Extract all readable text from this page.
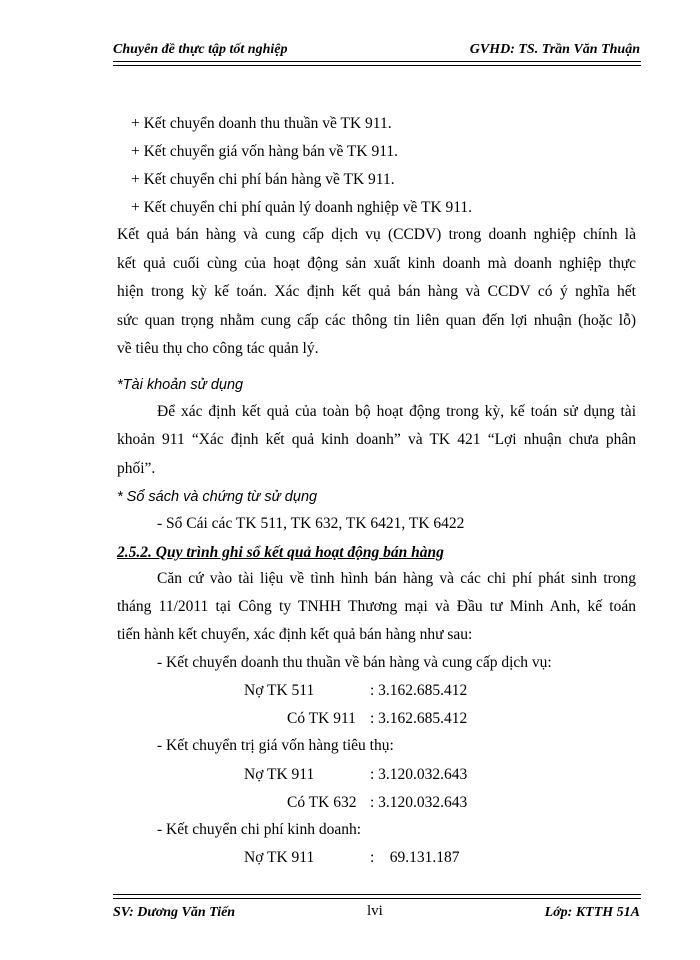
Chuyên đề thực tập tốt nghiệp	GVHD: TS. Trần Văn Thuận
+ Kết chuyển doanh thu thuần về TK 911.
+ Kết chuyển giá vốn hàng bán về TK 911.
+ Kết chuyển chi phí bán hàng về TK 911.
+ Kết chuyển chi phí quản lý doanh nghiệp về TK 911.
Kết quả bán hàng và cung cấp dịch vụ (CCDV) trong doanh nghiệp chính là
kết quả cuối cùng của hoạt động sản xuất kinh doanh mà doanh nghiệp thực
hiện trong kỳ kế toán. Xác định kết quả bán hàng và CCDV có ý nghĩa hết
sức quan trọng nhằm cung cấp các thông tin liên quan đến lợi nhuận (hoặc lỗ)
về tiêu thụ cho công tác quản lý.
*Tài khoản sử dụng
Để xác định kết quả của toàn bộ hoạt động trong kỳ, kế toán sử dụng tài
khoản 911 “Xác định kết quả kinh doanh” và TK 421 “Lợi nhuận chưa phân
phối”.
* Sổ sách và chứng từ sử dụng
- Sổ Cái các TK 511, TK 632, TK 6421, TK 6422
2.5.2. Quy trình ghi sổ kết quả hoạt động bán hàng
Căn cứ vào tài liệu về tình hình bán hàng và các chi phí phát sinh trong
tháng 11/2011 tại Công ty TNHH Thương mại và Đầu tư Minh Anh, kế toán
tiến hành kết chuyển, xác định kết quả bán hàng như sau:
- Kết chuyển doanh thu thuần về bán hàng và cung cấp dịch vụ:
Nợ TK 511	: 3.162.685.412
Có TK 911 : 3.162.685.412
- Kết chuyển trị giá vốn hàng tiêu thụ:
Nợ TK 911	: 3.120.032.643
Có TK 632 : 3.120.032.643
- Kết chuyển chi phí kinh doanh:
Nợ TK 911	:    69.131.187
SV: Dương Văn Tiến	lvi	Lớp: KTTH 51A
